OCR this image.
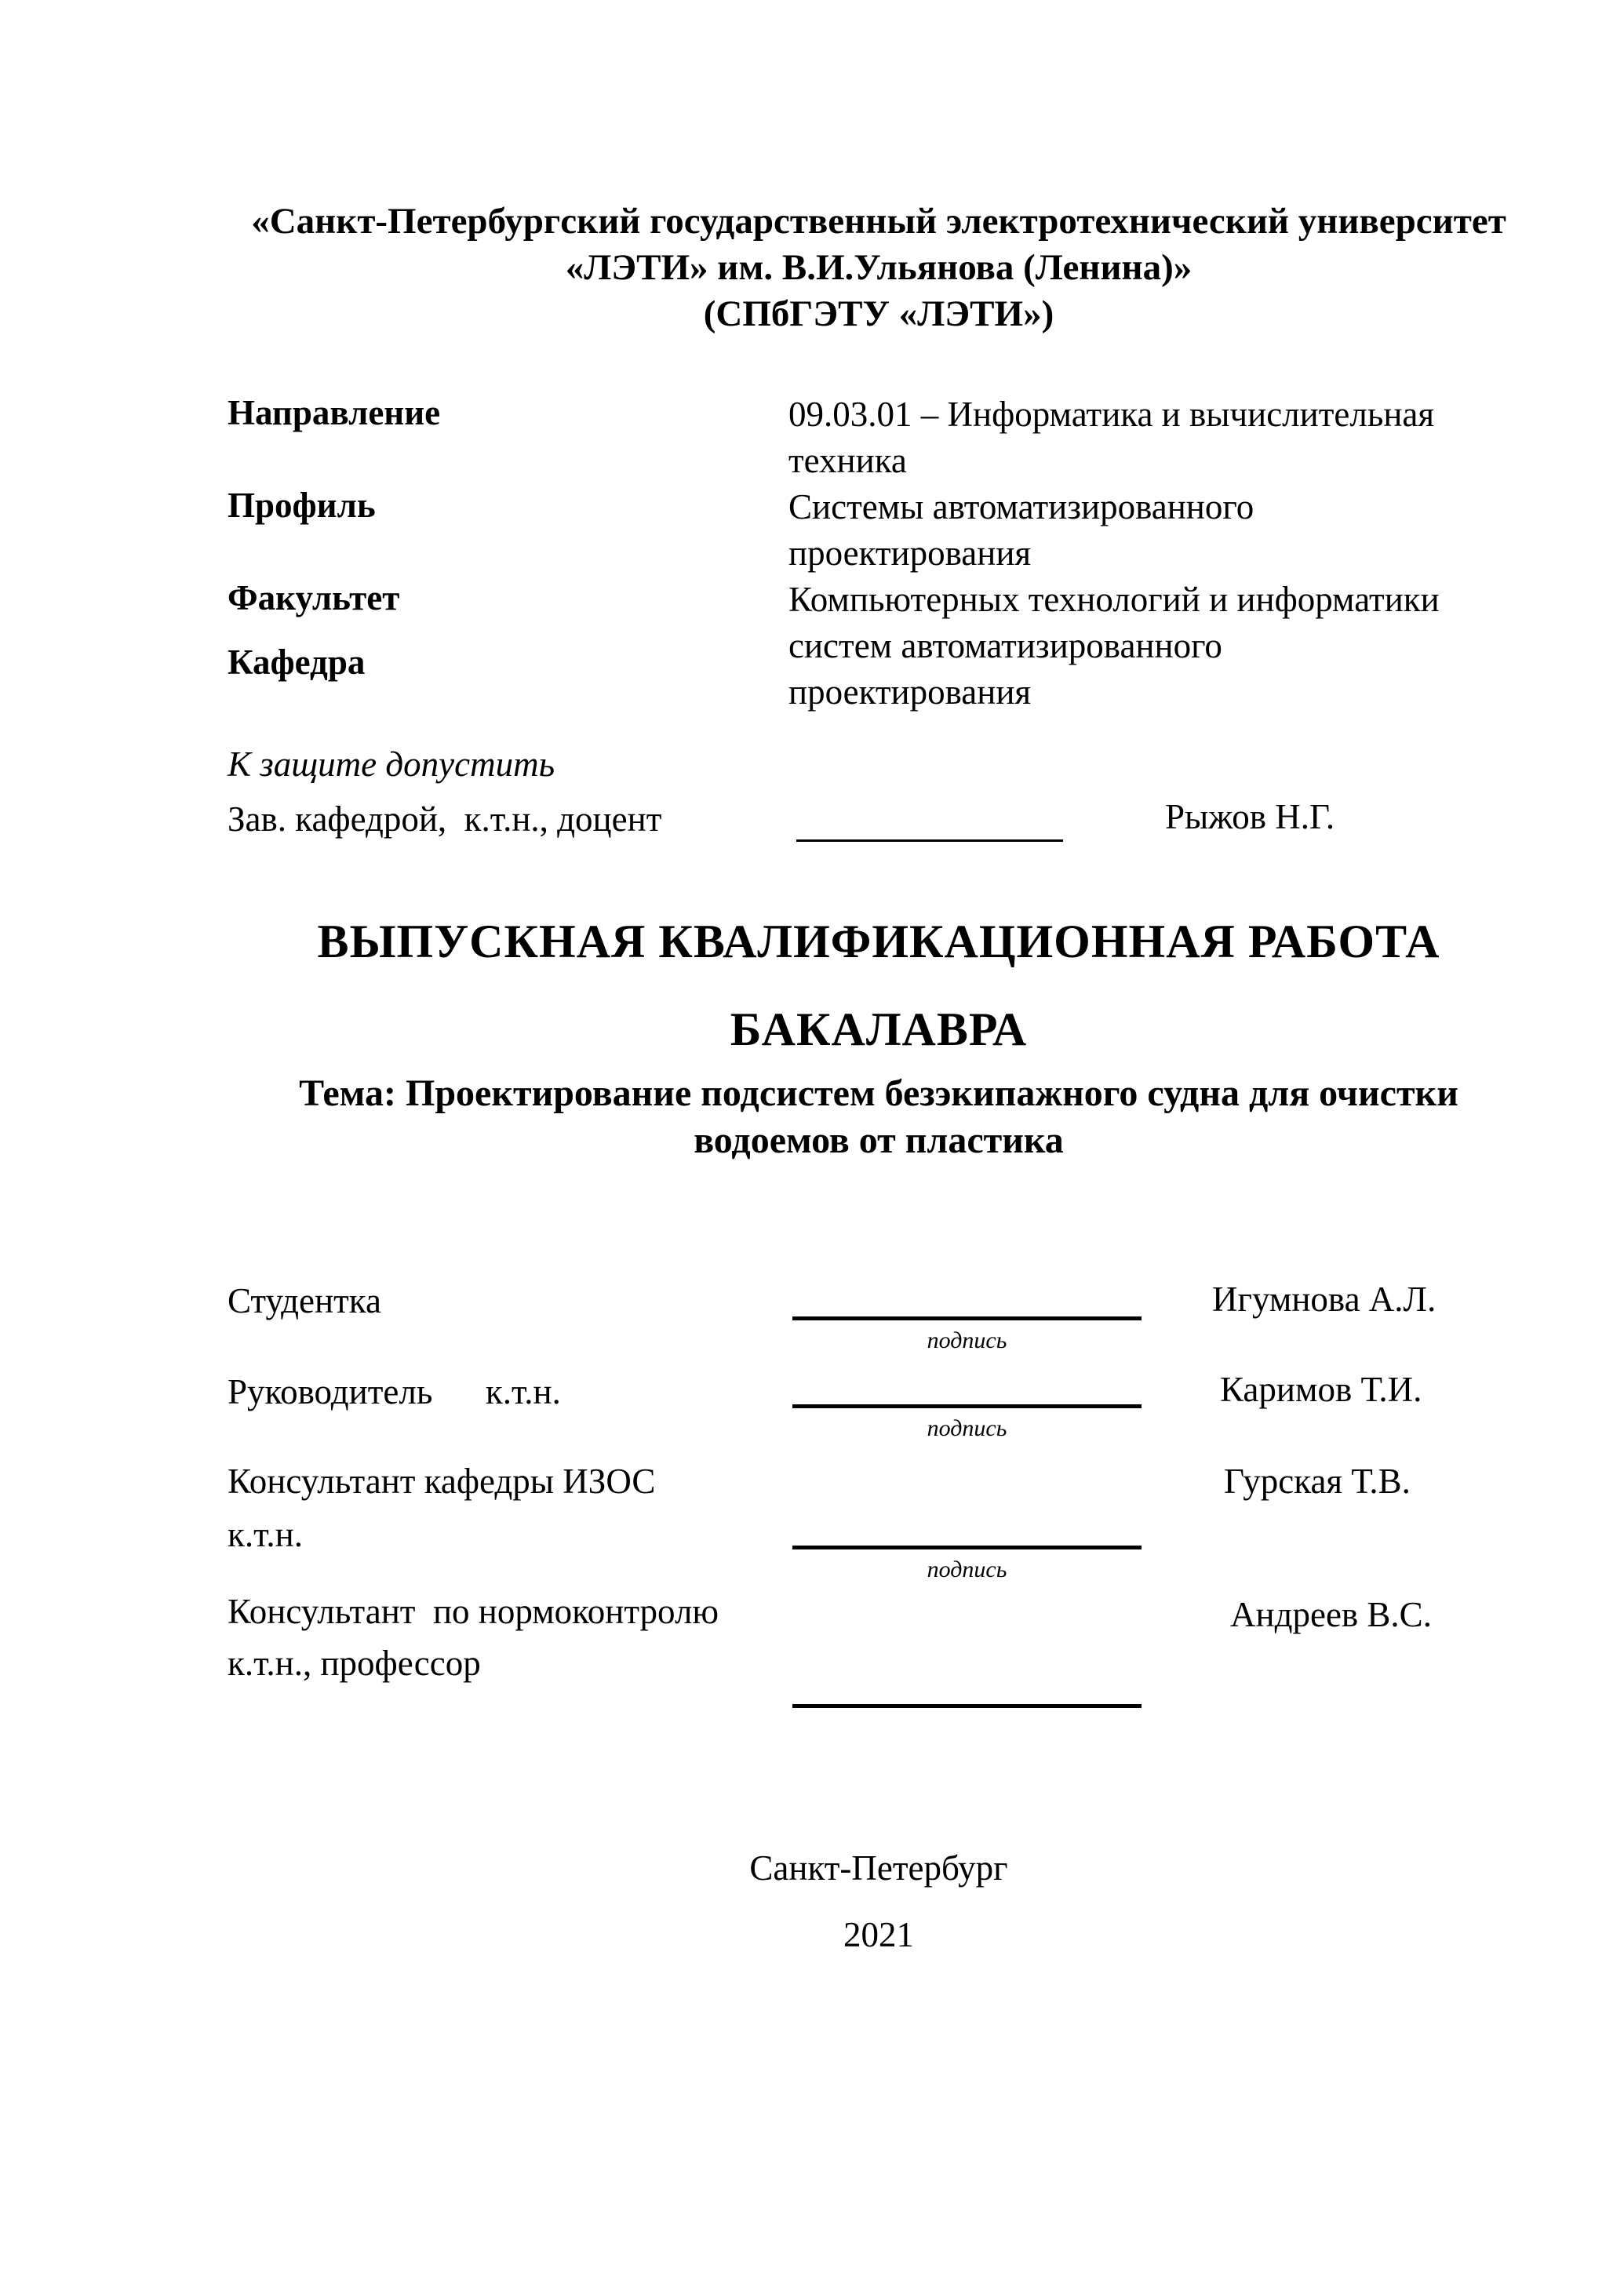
«Санкт-Петербургский государственный электротехнический университет
«ЛЭТИ» им. В.И.Ульянова (Ленина)»
(СПбГЭТУ «ЛЭТИ»)
Направление
Профиль
Факультет
Кафедра
09.03.01 – Информатика и вычислительная
техника
Системы автоматизированного
проектирования
Компьютерных технологий и информатики
систем автоматизированного
проектирования
К защите допустить
Зав. кафедрой,  к.т.н., доцент	Рыжов Н.Г.
ВЫПУСКНАЯ КВАЛИФИКАЦИОННАЯ РАБОТА
БАКАЛАВРА
Тема: Проектирование подсистем безэкипажного судна для очистки
водоемов от пластика
Студентка
подпись
Игумнова А.Л.
Руководитель      к.т.н.
подпись
Каримов Т.И.
Консультант кафедры ИЗОС
к.т.н.
подпись
Гурская Т.В.
Консультант  по нормоконтролю
к.т.н., профессор
Андреев В.С.
Санкт-Петербург
2021
